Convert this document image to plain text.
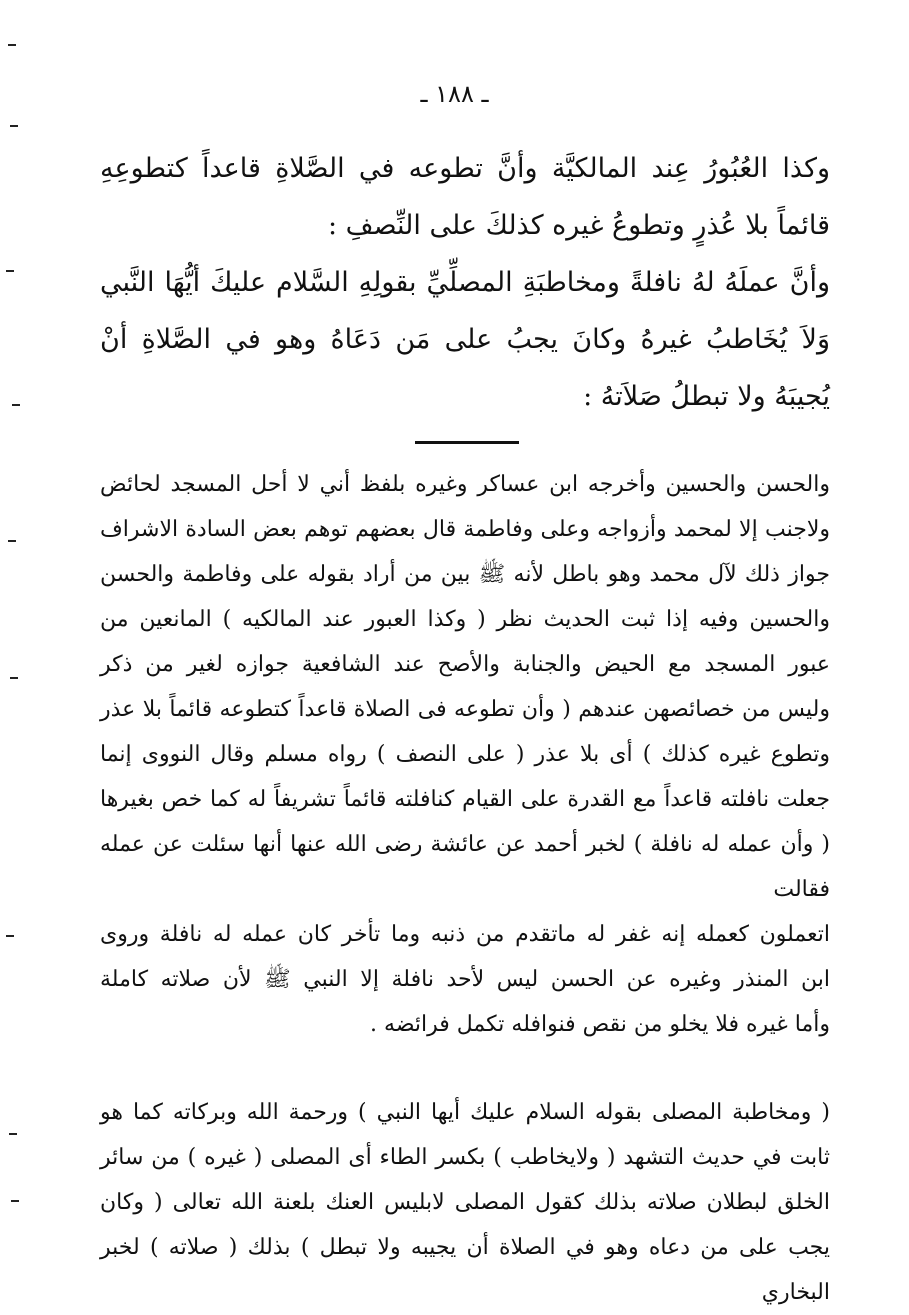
ـ ١٨٨ ـ

وكذا العُبُورُ عِند المالكيَّة وأنَّ تطوعه في الصَّلاةِ قاعداً كتطوعِهِ قائماً بلا عُذرٍ وتطوعُ غيره كذلكَ على النِّصفِ :

وأنَّ عملَهُ لهُ نافلةً ومخاطبَةِ المصلِّيِّ بقولِهِ السَّلام عليكَ أيُّهَا النَّبي وَلاَ يُخَاطبُ غيرهُ وكانَ يجبُ على مَن دَعَاهُ وهو في الصَّلاةِ أنْ يُجيبَهُ ولا تبطلُ صَلاَتهُ :

والحسن والحسين وأخرجه ابن عساكر وغيره بلفظ أني لا أحل المسجد لحائض

ولاجنب إلا لمحمد وأزواجه وعلى وفاطمة قال بعضهم توهم بعض السادة الاشراف

جواز ذلك لآل محمد وهو باطل لأنه ﷺ بين من أراد بقوله على وفاطمة والحسن

والحسين وفيه إذا ثبت الحديث نظر ( وكذا العبور عند المالكيه ) المانعين من

عبور المسجد مع الحيض والجنابة والأصح عند الشافعية جوازه لغير من ذكر

وليس من خصائصهن عندهم ( وأن تطوعه فى الصلاة قاعداً كتطوعه قائماً بلا عذر

وتطوع غيره كذلك ) أى بلا عذر ( على النصف ) رواه مسلم وقال النووى إنما

جعلت نافلته قاعداً مع القدرة على القيام كنافلته قائماً تشريفاً له كما خص بغيرها

( وأن عمله له نافلة ) لخبر أحمد عن عائشة رضى الله عنها أنها سئلت عن عمله فقالت

اتعملون كعمله إنه غفر له ماتقدم من ذنبه وما تأخر كان عمله له نافلة وروى

ابن المنذر وغيره عن الحسن ليس لأحد نافلة إلا النبي ﷺ لأن صلاته كاملة

وأما غيره فلا يخلو من نقص فنوافله تكمل فرائضه .

( ومخاطبة المصلى بقوله السلام عليك أيها النبي ) ورحمة الله وبركاته كما هو

ثابت في حديث التشهد ( ولايخاطب ) بكسر الطاء أى المصلى ( غيره ) من سائر

الخلق لبطلان صلاته بذلك كقول المصلى لابليس العنك بلعنة الله تعالى ( وكان

يجب على من دعاه وهو في الصلاة أن يجيبه ولا تبطل ) بذلك ( صلاته ) لخبر البخاري
